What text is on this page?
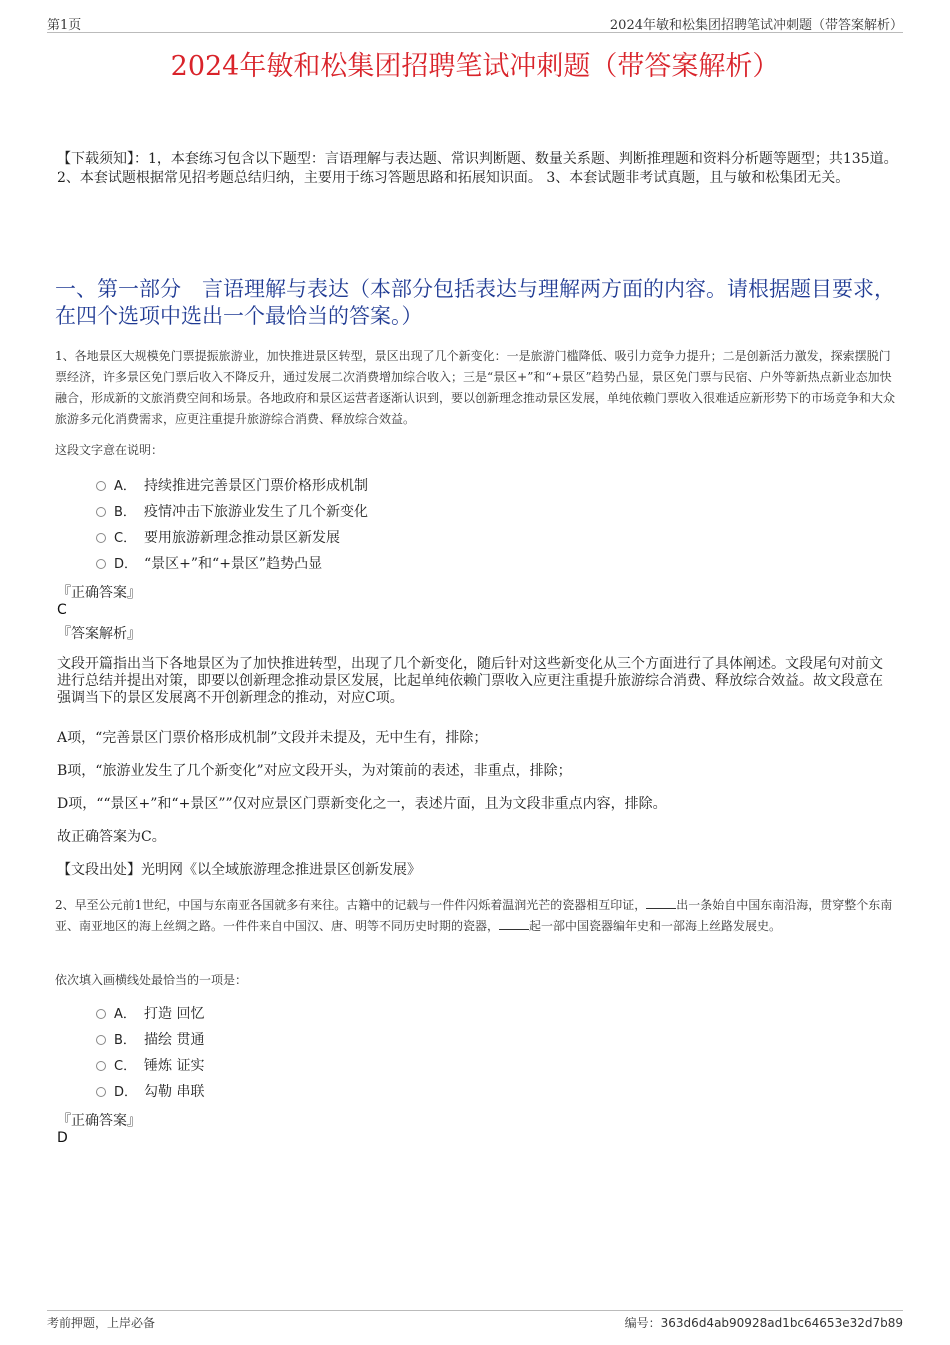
第1页	2024年敏和松集团招聘笔试冲刺题（带答案解析）
2024年敏和松集团招聘笔试冲刺题（带答案解析）
【下载须知】：1，本套练习包含以下题型：言语理解与表达题、常识判断题、数量关系题、判断推理题和资料分析题等题型；共135道。 2、本套试题根据常见招考题总结归纳，主要用于练习答题思路和拓展知识面。 3、本套试题非考试真题，且与敏和松集团无关。
一、第一部分　言语理解与表达（本部分包括表达与理解两方面的内容。请根据题目要求，在四个选项中选出一个最恰当的答案。）
1、各地景区大规模免门票提振旅游业，加快推进景区转型，景区出现了几个新变化：一是旅游门槛降低、吸引力竞争力提升；二是创新活力激发，探索摆脱门票经济，许多景区免门票后收入不降反升，通过发展二次消费增加综合收入；三是“景区+”和“+景区”趋势凸显，景区免门票与民宿、户外等新热点新业态加快融合，形成新的文旅消费空间和场景。各地政府和景区运营者逐渐认识到，要以创新理念推动景区发展，单纯依赖门票收入很难适应新形势下的市场竞争和大众旅游多元化消费需求，应更注重提升旅游综合消费、释放综合效益。
这段文字意在说明：
A． 持续推进完善景区门票价格形成机制
B． 疫情冲击下旅游业发生了几个新变化
C． 要用旅游新理念推动景区新发展
D． “景区+”和“+景区”趋势凸显
『正确答案』
C
『答案解析』
文段开篇指出当下各地景区为了加快推进转型，出现了几个新变化，随后针对这些新变化从三个方面进行了具体阐述。文段尾句对前文进行总结并提出对策，即要以创新理念推动景区发展，比起单纯依赖门票收入应更注重提升旅游综合消费、释放综合效益。故文段意在强调当下的景区发展离不开创新理念的推动，对应C项。
A项，“完善景区门票价格形成机制”文段并未提及，无中生有，排除；
B项，“旅游业发生了几个新变化”对应文段开头，为对策前的表述，非重点，排除；
D项，““景区+”和“+景区””仅对应景区门票新变化之一，表述片面，且为文段非重点内容，排除。
故正确答案为C。
【文段出处】光明网《以全域旅游理念推进景区创新发展》
2、早至公元前1世纪，中国与东南亚各国就多有来往。古籍中的记载与一件件闪烁着温润光芒的瓷器相互印证，	出一条始自中国东南沿海，贯穿整个东南亚、南亚地区的海上丝绸之路。一件件来自中国汉、唐、明等不同历史时期的瓷器，	起一部中国瓷器编年史和一部海上丝路发展史。
依次填入画横线处最恰当的一项是：
A． 打造 回忆
B． 描绘 贯通
C． 锤炼 证实
D． 勾勒 串联
『正确答案』
D
考前押题，上岸必备	编号：363d6d4ab90928ad1bc64653e32d7b89
